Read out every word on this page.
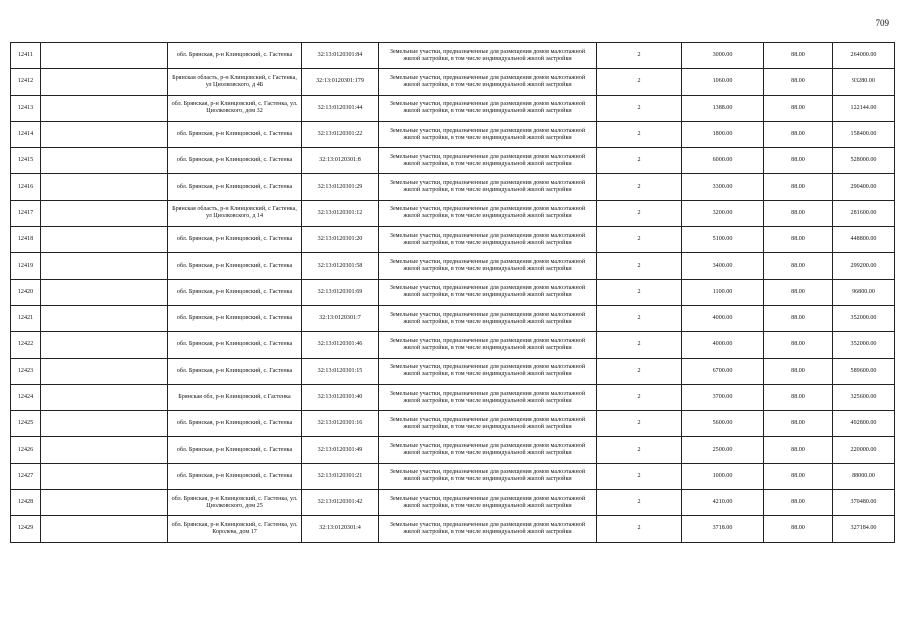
709
12411		обл. Брянская, р-н Клинцовский, с. Гастенка	32:13:0120301:84	Земельные участки, предназначенные для размещения домов малоэтажной жилой застройки, в том числе индивидуальной жилой застройки	2	3000.00	88.00	264000.00
12412		Брянская область, р-н Клинцовский, с Гастенка, ул Циолковского, д 4Б	32:13:0120301:179	Земельные участки, предназначенные для размещения домов малоэтажной жилой застройки, в том числе индивидуальной жилой застройки	2	1060.00	88.00	93280.00
12413		обл. Брянская, р-н Клинцовский, с. Гастенка, ул. Циолковского, дом 32	32:13:0120301:44	Земельные участки, предназначенные для размещения домов малоэтажной жилой застройки, в том числе индивидуальной жилой застройки	2	1388.00	88.00	122144.00
12414		обл. Брянская, р-н Клинцовский, с. Гастенка	32:13:0120301:22	Земельные участки, предназначенные для размещения домов малоэтажной жилой застройки, в том числе индивидуальной жилой застройки	2	1800.00	88.00	158400.00
12415		обл. Брянская, р-н Клинцовский, с. Гастенка	32:13:0120301:8	Земельные участки, предназначенные для размещения домов малоэтажной жилой застройки, в том числе индивидуальной жилой застройки	2	6000.00	88.00	528000.00
12416		обл. Брянская, р-н Клинцовский, с. Гастенка	32:13:0120301:29	Земельные участки, предназначенные для размещения домов малоэтажной жилой застройки, в том числе индивидуальной жилой застройки	2	3300.00	88.00	290400.00
12417		Брянская область, р-н Клинцовский, с Гастенка, ул Циолковского, д 14	32:13:0120301:12	Земельные участки, предназначенные для размещения домов малоэтажной жилой застройки, в том числе индивидуальной жилой застройки	2	3200.00	88.00	281600.00
12418		обл. Брянская, р-н Клинцовский, с. Гастенка	32:13:0120301:20	Земельные участки, предназначенные для размещения домов малоэтажной жилой застройки, в том числе индивидуальной жилой застройки	2	5100.00	88.00	448800.00
12419		обл. Брянская, р-н Клинцовский, с. Гастенка	32:13:0120301:58	Земельные участки, предназначенные для размещения домов малоэтажной жилой застройки, в том числе индивидуальной жилой застройки	2	3400.00	88.00	299200.00
12420		обл. Брянская, р-н Клинцовский, с. Гастенка	32:13:0120301:69	Земельные участки, предназначенные для размещения домов малоэтажной жилой застройки, в том числе индивидуальной жилой застройки	2	1100.00	88.00	96800.00
12421		обл. Брянская, р-н Клинцовский, с. Гастенка	32:13:0120301:7	Земельные участки, предназначенные для размещения домов малоэтажной жилой застройки, в том числе индивидуальной жилой застройки	2	4000.00	88.00	352000.00
12422		обл. Брянская, р-н Клинцовский, с. Гастенка	32:13:0120301:46	Земельные участки, предназначенные для размещения домов малоэтажной жилой застройки, в том числе индивидуальной жилой застройки	2	4000.00	88.00	352000.00
12423		обл. Брянская, р-н Клинцовский, с. Гастенка	32:13:0120301:15	Земельные участки, предназначенные для размещения домов малоэтажной жилой застройки, в том числе индивидуальной жилой застройки	2	6700.00	88.00	589600.00
12424		Брянская обл, р-н Клинцовский, с Гастенка	32:13:0120301:40	Земельные участки, предназначенные для размещения домов малоэтажной жилой застройки, в том числе индивидуальной жилой застройки	2	3700.00	88.00	325600.00
12425		обл. Брянская, р-н Клинцовский, с. Гастенка	32:13:0120301:16	Земельные участки, предназначенные для размещения домов малоэтажной жилой застройки, в том числе индивидуальной жилой застройки	2	5600.00	88.00	492800.00
12426		обл. Брянская, р-н Клинцовский, с. Гастенка	32:13:0120301:49	Земельные участки, предназначенные для размещения домов малоэтажной жилой застройки, в том числе индивидуальной жилой застройки	2	2500.00	88.00	220000.00
12427		обл. Брянская, р-н Клинцовский, с. Гастенка	32:13:0120301:21	Земельные участки, предназначенные для размещения домов малоэтажной жилой застройки, в том числе индивидуальной жилой застройки	2	1000.00	88.00	88000.00
12428		обл. Брянская, р-н Клинцовский, с. Гастенка, ул. Циолковского, дом 25	32:13:0120301:42	Земельные участки, предназначенные для размещения домов малоэтажной жилой застройки, в том числе индивидуальной жилой застройки	2	4210.00	88.00	370480.00
12429		обл. Брянская, р-н Клинцовский, с. Гастенка, ул. Королева, дом 17	32:13:0120301:4	Земельные участки, предназначенные для размещения домов малоэтажной жилой застройки, в том числе индивидуальной жилой застройки	2	3718.00	88.00	327184.00
